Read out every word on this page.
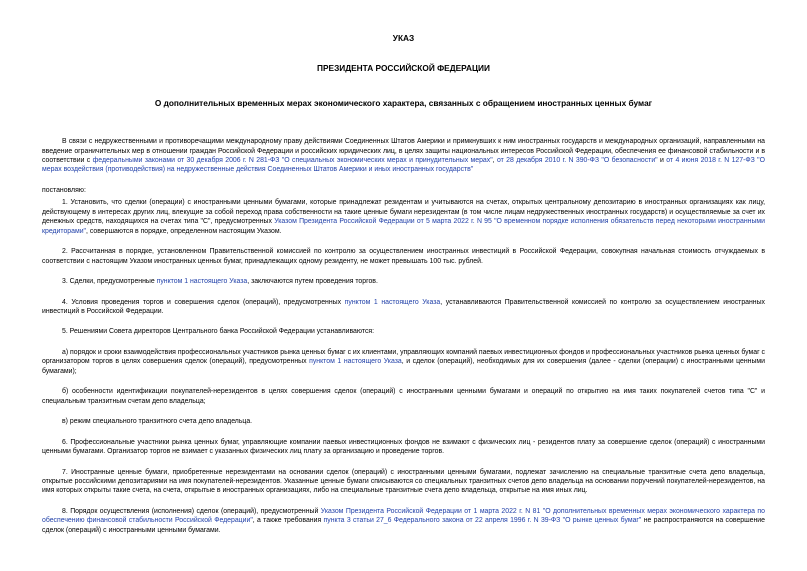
УКАЗ

ПРЕЗИДЕНТА РОССИЙСКОЙ ФЕДЕРАЦИИ

О дополнительных временных мерах экономического характера, связанных с обращением иностранных ценных бумаг

В связи с недружественными и противоречащими международному праву действиями Соединенных Штатов Америки и примкнувших к ним иностранных государств и международных организаций, направленными на введение ограничительных мер в отношении граждан Российской Федерации и российских юридических лиц, в целях защиты национальных интересов Российской Федерации, обеспечения ее финансовой стабильности и в соответствии с федеральными законами от 30 декабря 2006 г. N 281-ФЗ "О специальных экономических мерах и принудительных мерах", от 28 декабря 2010 г. N 390-ФЗ "О безопасности" и от 4 июня 2018 г. N 127-ФЗ "О мерах воздействия (противодействия) на недружественные действия Соединенных Штатов Америки и иных иностранных государств"

постановляю:

1. Установить, что сделки (операции) с иностранными ценными бумагами, которые принадлежат резидентам и учитываются на счетах, открытых центральному депозитарию в иностранных организациях как лицу, действующему в интересах других лиц, влекущие за собой переход права собственности на такие ценные бумаги нерезидентам (в том числе лицам недружественных иностранных государств) и осуществляемые за счет их денежных средств, находящихся на счетах типа "С", предусмотренных Указом Президента Российской Федерации от 5 марта 2022 г. N 95 "О временном порядке исполнения обязательств перед некоторыми иностранными кредиторами", совершаются в порядке, определенном настоящим Указом.

2. Рассчитанная в порядке, установленном Правительственной комиссией по контролю за осуществлением иностранных инвестиций в Российской Федерации, совокупная начальная стоимость отчуждаемых в соответствии с настоящим Указом иностранных ценных бумаг, принадлежащих одному резиденту, не может превышать 100 тыс. рублей.

3. Сделки, предусмотренные пунктом 1 настоящего Указа, заключаются путем проведения торгов.

4. Условия проведения торгов и совершения сделок (операций), предусмотренных пунктом 1 настоящего Указа, устанавливаются Правительственной комиссией по контролю за осуществлением иностранных инвестиций в Российской Федерации.

5. Решениями Совета директоров Центрального банка Российской Федерации устанавливаются:

а) порядок и сроки взаимодействия профессиональных участников рынка ценных бумаг с их клиентами, управляющих компаний паевых инвестиционных фондов и профессиональных участников рынка ценных бумаг с организатором торгов в целях совершения сделок (операций), предусмотренных пунктом 1 настоящего Указа, и сделок (операций), необходимых для их совершения (далее - сделки (операции) с иностранными ценными бумагами);

б) особенности идентификации покупателей-нерезидентов в целях совершения сделок (операций) с иностранными ценными бумагами и операций по открытию на имя таких покупателей счетов типа "С" и специальным транзитным счетам депо владельца;

в) режим специального транзитного счета депо владельца.

6. Профессиональные участники рынка ценных бумаг, управляющие компании паевых инвестиционных фондов не взимают с физических лиц - резидентов плату за совершение сделок (операций) с иностранными ценными бумагами. Организатор торгов не взимает с указанных физических лиц плату за организацию и проведение торгов.

7. Иностранные ценные бумаги, приобретенные нерезидентами на основании сделок (операций) с иностранными ценными бумагами, подлежат зачислению на специальные транзитные счета депо владельца, открытые российскими депозитариями на имя покупателей-нерезидентов. Указанные ценные бумаги списываются со специальных транзитных счетов депо владельца на основании поручений покупателей-нерезидентов, на имя которых открыты такие счета, на счета, открытые в иностранных организациях, либо на специальные транзитные счета депо владельца, открытые на имя иных лиц.

8. Порядок осуществления (исполнения) сделок (операций), предусмотренный Указом Президента Российской Федерации от 1 марта 2022 г. N 81 "О дополнительных временных мерах экономического характера по обеспечению финансовой стабильности Российской Федерации", а также требования пункта 3 статьи 27_6 Федерального закона от 22 апреля 1996 г. N 39-ФЗ "О рынке ценных бумаг" не распространяются на совершение сделок (операций) с иностранными ценными бумагами.
